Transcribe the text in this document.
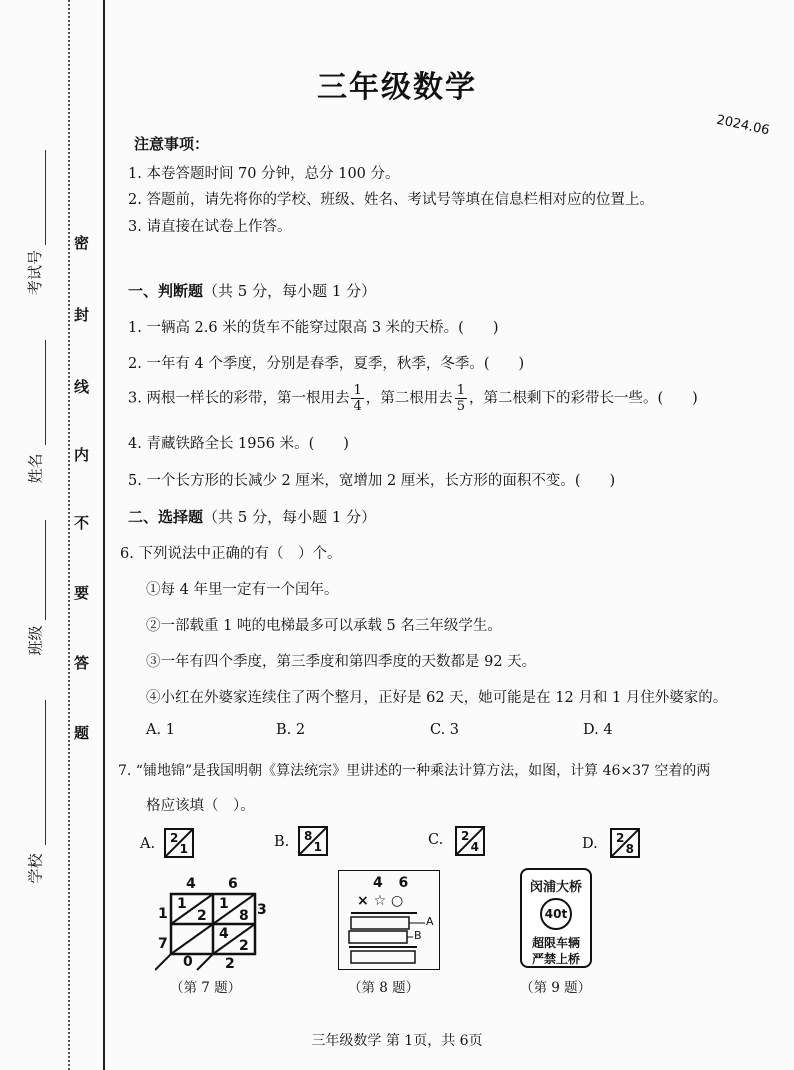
密
封
线
内
不
要
答
题
考试号
姓名
班级
学校
三年级数学
2024.06
注意事项：
1. 本卷答题时间 70 分钟，总分 100 分。
2. 答题前，请先将你的学校、班级、姓名、考试号等填在信息栏相对应的位置上。
3. 请直接在试卷上作答。
一、判断题（共 5 分，每小题 1 分）
1. 一辆高 2.6 米的货车不能穿过限高 3 米的天桥。(　　)
2. 一年有 4 个季度，分别是春季，夏季，秋季，冬季。(　　)
3. 两根一样长的彩带，第一根用去 $\frac{1}{4}$ ，第二根用去 $\frac{1}{5}$ ，第二根剩下的彩带长一些。(　　)
4. 青藏铁路全长 1956 米。(　　)
5. 一个长方形的长减少 2 厘米，宽增加 2 厘米，长方形的面积不变。(　　)
二、选择题（共 5 分，每小题 1 分）
6. 下列说法中正确的有（　）个。
①每 4 年里一定有一个闰年。
②一部载重 1 吨的电梯最多可以承载 5 名三年级学生。
③一年有四个季度，第三季度和第四季度的天数都是 92 天。
④小红在外婆家连续住了两个整月，正好是 62 天，她可能是在 12 月和 1 月住外婆家的。
A. 1	B. 2	C. 3	D. 4
7. “铺地锦”是我国明朝《算法统宗》里讲述的一种乘法计算方法，如图，计算 46×37 空着的两
格应该填（　）。
A. 2
1	B. 8
1	C. 2
4	D. 2
8
4 6
3
1
7
1
2
1
8
4
2
0 2
（第 7 题）
4  6
× ☆ ○
A
B
（第 8 题）
闵浦大桥
40t
超限车辆
严禁上桥
（第 9 题）
三年级数学 第 1页，共 6页
